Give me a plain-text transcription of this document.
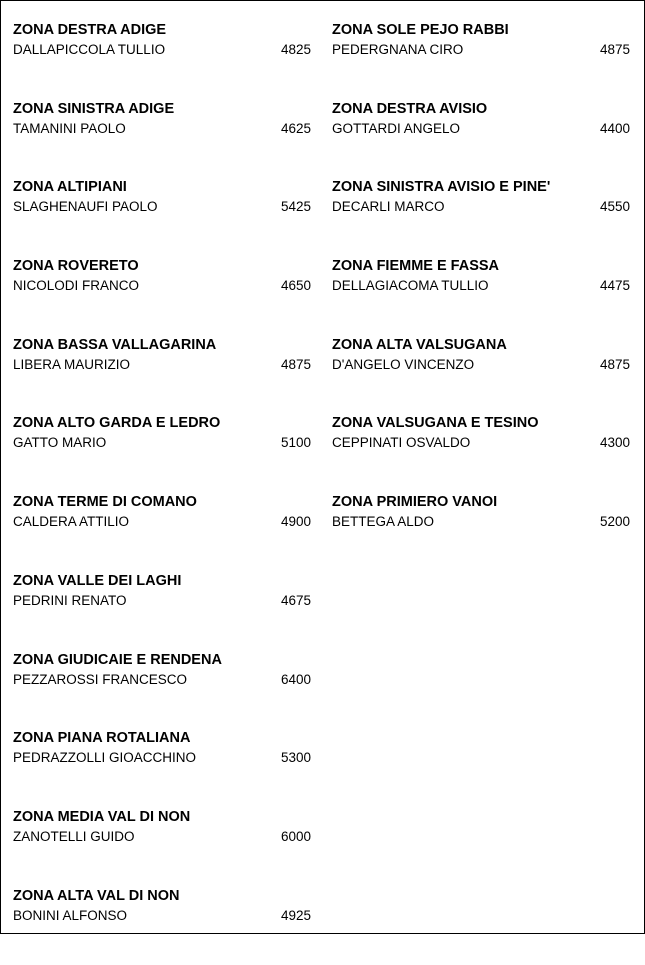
ZONA DESTRA ADIGE
DALLAPICCOLA TULLIO	4825
ZONA SINISTRA ADIGE
TAMANINI PAOLO	4625
ZONA ALTIPIANI
SLAGHENAUFI PAOLO	5425
ZONA ROVERETO
NICOLODI FRANCO	4650
ZONA BASSA VALLAGARINA
LIBERA MAURIZIO	4875
ZONA ALTO GARDA E LEDRO
GATTO MARIO	5100
ZONA TERME DI COMANO
CALDERA ATTILIO	4900
ZONA VALLE DEI LAGHI
PEDRINI RENATO	4675
ZONA GIUDICAIE E RENDENA
PEZZAROSSI FRANCESCO	6400
ZONA PIANA ROTALIANA
PEDRAZZOLLI GIOACCHINO	5300
ZONA MEDIA VAL DI NON
ZANOTELLI GUIDO	6000
ZONA ALTA VAL DI NON
BONINI ALFONSO	4925
ZONA SOLE PEJO RABBI
PEDERGNANA CIRO	4875
ZONA DESTRA AVISIO
GOTTARDI ANGELO	4400
ZONA SINISTRA AVISIO E PINE'
DECARLI MARCO	4550
ZONA FIEMME E FASSA
DELLAGIACOMA TULLIO	4475
ZONA ALTA VALSUGANA
D'ANGELO VINCENZO	4875
ZONA VALSUGANA E TESINO
CEPPINATI OSVALDO	4300
ZONA PRIMIERO VANOI
BETTEGA ALDO	5200
